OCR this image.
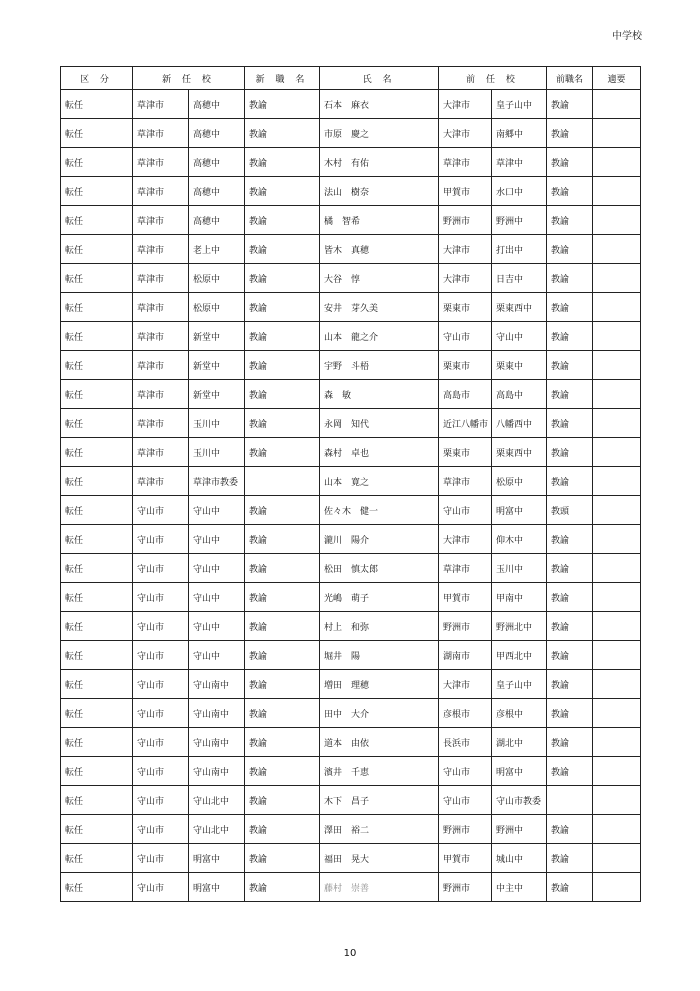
中学校
区 分	新 任 校		新 職 名	氏 名	前 任 校		前職名	適要
転任	草津市	高穂中	教諭	石本　麻衣	大津市	皇子山中	教諭	
転任	草津市	高穂中	教諭	市原　慶之	大津市	南郷中	教諭	
転任	草津市	高穂中	教諭	木村　有佑	草津市	草津中	教諭	
転任	草津市	高穂中	教諭	法山　樹奈	甲賀市	水口中	教諭	
転任	草津市	高穂中	教諭	橘　智希	野洲市	野洲中	教諭	
転任	草津市	老上中	教諭	皆木　真穂	大津市	打出中	教諭	
転任	草津市	松原中	教諭	大谷　惇	大津市	日吉中	教諭	
転任	草津市	松原中	教諭	安井　芽久美	栗東市	栗東西中	教諭	
転任	草津市	新堂中	教諭	山本　龍之介	守山市	守山中	教諭	
転任	草津市	新堂中	教諭	宇野　斗梧	栗東市	栗東中	教諭	
転任	草津市	新堂中	教諭	森　敏	高島市	高島中	教諭	
転任	草津市	玉川中	教諭	永岡　知代	近江八幡市	八幡西中	教諭	
転任	草津市	玉川中	教諭	森村　卓也	栗東市	栗東西中	教諭	
転任	草津市	草津市教委		山本　寛之	草津市	松原中	教諭	
転任	守山市	守山中	教諭	佐々木　健一	守山市	明富中	教頭	
転任	守山市	守山中	教諭	瀧川　陽介	大津市	仰木中	教諭	
転任	守山市	守山中	教諭	松田　慎太郎	草津市	玉川中	教諭	
転任	守山市	守山中	教諭	光嶋　萌子	甲賀市	甲南中	教諭	
転任	守山市	守山中	教諭	村上　和弥	野洲市	野洲北中	教諭	
転任	守山市	守山中	教諭	堀井　陽	湖南市	甲西北中	教諭	
転任	守山市	守山南中	教諭	増田　理穂	大津市	皇子山中	教諭	
転任	守山市	守山南中	教諭	田中　大介	彦根市	彦根中	教諭	
転任	守山市	守山南中	教諭	道本　由依	長浜市	湖北中	教諭	
転任	守山市	守山南中	教諭	濱井　千恵	守山市	明富中	教諭	
転任	守山市	守山北中	教諭	木下　昌子	守山市	守山市教委		
転任	守山市	守山北中	教諭	澤田　裕二	野洲市	野洲中	教諭	
転任	守山市	明富中	教諭	福田　晃大	甲賀市	城山中	教諭	
転任	守山市	明富中	教諭	藤村　崇善	野洲市	中主中	教諭	
10
